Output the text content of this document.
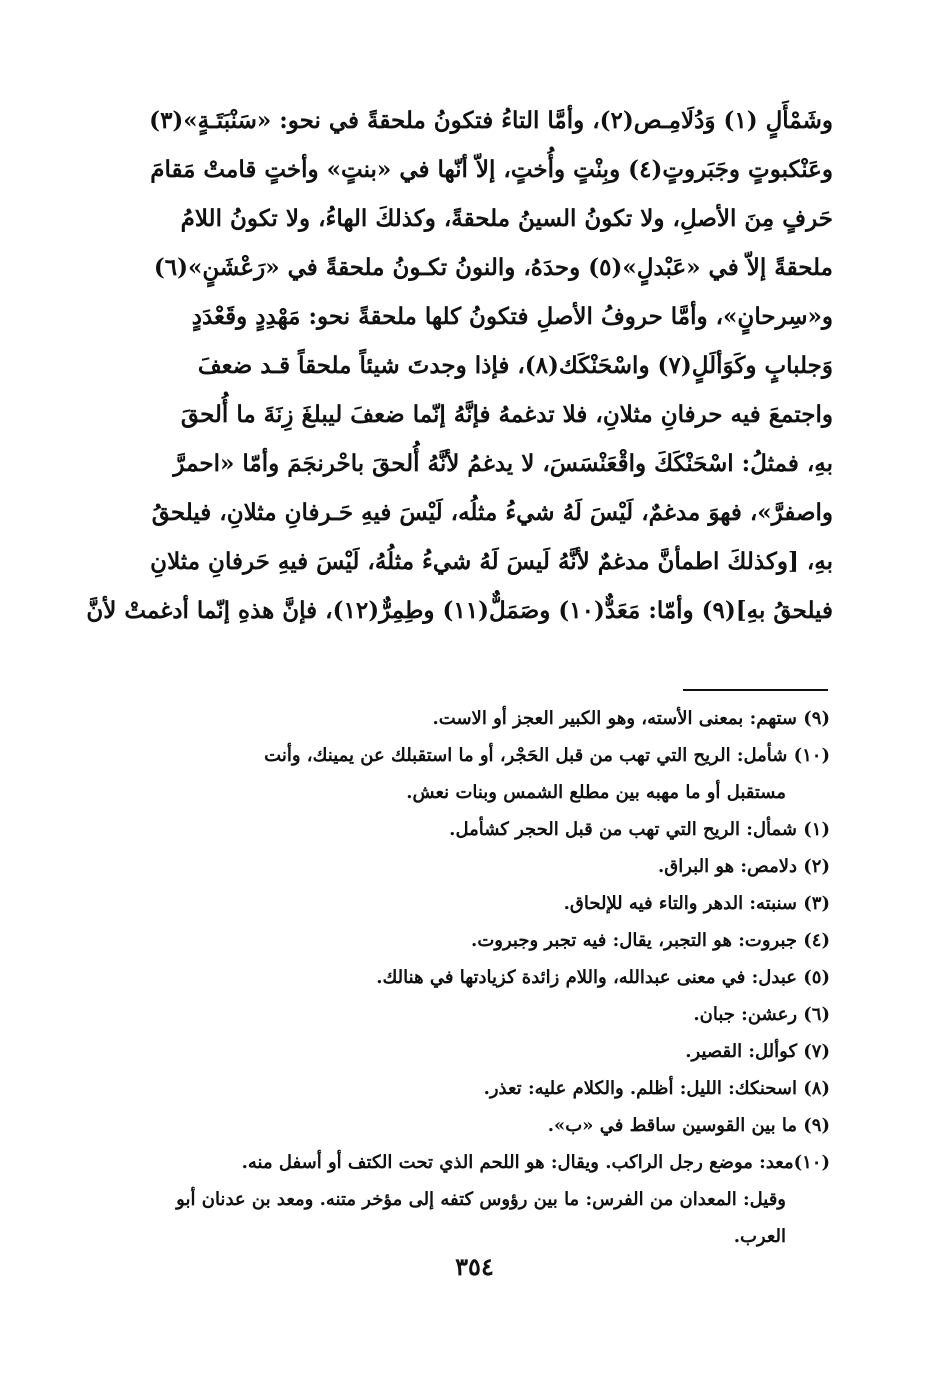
وشَمْأَلٍ (١) وَدُلَامِـص(٢)، وأمَّا التاءُ فتكونُ ملحقةً في نحو: «سَنْبَتَـةٍ»(٣)
وعَنْكبوتٍ وجَبَروتٍ(٤) وبِنْتٍ وأُختٍ، إلاّ أنّها في «بنتٍ» وأختٍ قامتْ مَقامَ
حَرفٍ مِنَ الأصلِ، ولا تكونُ السينُ ملحقةً، وكذلكَ الهاءُ، ولا تكونُ اللامُ
ملحقةً إلاّ في «عَبْدلٍ»(٥) وحدَهُ، والنونُ تكـونُ ملحقةً في «رَعْشَنٍ»(٦)
و«سِرحانٍ»، وأمَّا حروفُ الأصلِ فتكونُ كلها ملحقةً نحو: مَهْدِدٍ وقَعْدَدٍ
وَجلبابٍ وكَوَألَلٍ(٧) واسْحَنْكَك(٨)، فإذا وجدتَ شيئاً ملحقاً قـد ضعفَ
واجتمعَ فيه حرفانِ مثلانِ، فلا تدغمهُ فإنَّهُ إنّما ضعفَ ليبلغَ زِنَةَ ما أُلحقَ
بهِ، فمثلُ: اسْحَنْكَكَ واقْعَنْسَسَ، لا يدغمُ لأنَّهُ أُلحقَ باحْرنجَمَ وأمّا «احمرَّ
واصفرَّ»، فهوَ مدغمٌ، لَيْسَ لَهُ شيءُ مثلُه، لَيْسَ فيهِ حَـرفانِ مثلانِ، فيلحقُ
بهِ، [وكذلكَ اطمأنَّ مدغمٌ لأنَّهُ لَيسَ لَهُ شيءُ مثلُهُ، لَيْسَ فيهِ حَرفانِ مثلانِ
فيلحقُ بهِ](٩) وأمّا: مَعَدٌّ(١٠) وصَمَلٌّ(١١) وطِمِرٌّ(١٢)، فإنَّ هذهِ إنّما أدغمتْ لأنَّ
(٩) ستهم: بمعنى الأسته، وهو الكبير العجز أو الاست.
(١٠) شأمل: الريح التي تهب من قبل الحَجْر، أو ما استقبلك عن يمينك، وأنت
مستقبل أو ما مهبه بين مطلع الشمس وبنات نعش.
(١) شمأل: الريح التي تهب من قبل الحجر كشأمل.
(٢) دلامص: هو البراق.
(٣) سنبته: الدهر والتاء فيه للإلحاق.
(٤) جبروت: هو التجبر، يقال: فيه تجبر وجبروت.
(٥) عبدل: في معنى عبدالله، واللام زائدة كزيادتها في هنالك.
(٦) رعشن: جبان.
(٧) كوألل: القصير.
(٨) اسحنكك: الليل: أظلم. والكلام عليه: تعذر.
(٩) ما بين القوسين ساقط في «ب».
(١٠)معد: موضع رجل الراكب. ويقال: هو اللحم الذي تحت الكتف أو أسفل منه.
وقيل: المعدان من الفرس: ما بين رؤوس كتفه إلى مؤخر متنه. ومعد بن عدنان أبو
العرب.
٣٥٤
